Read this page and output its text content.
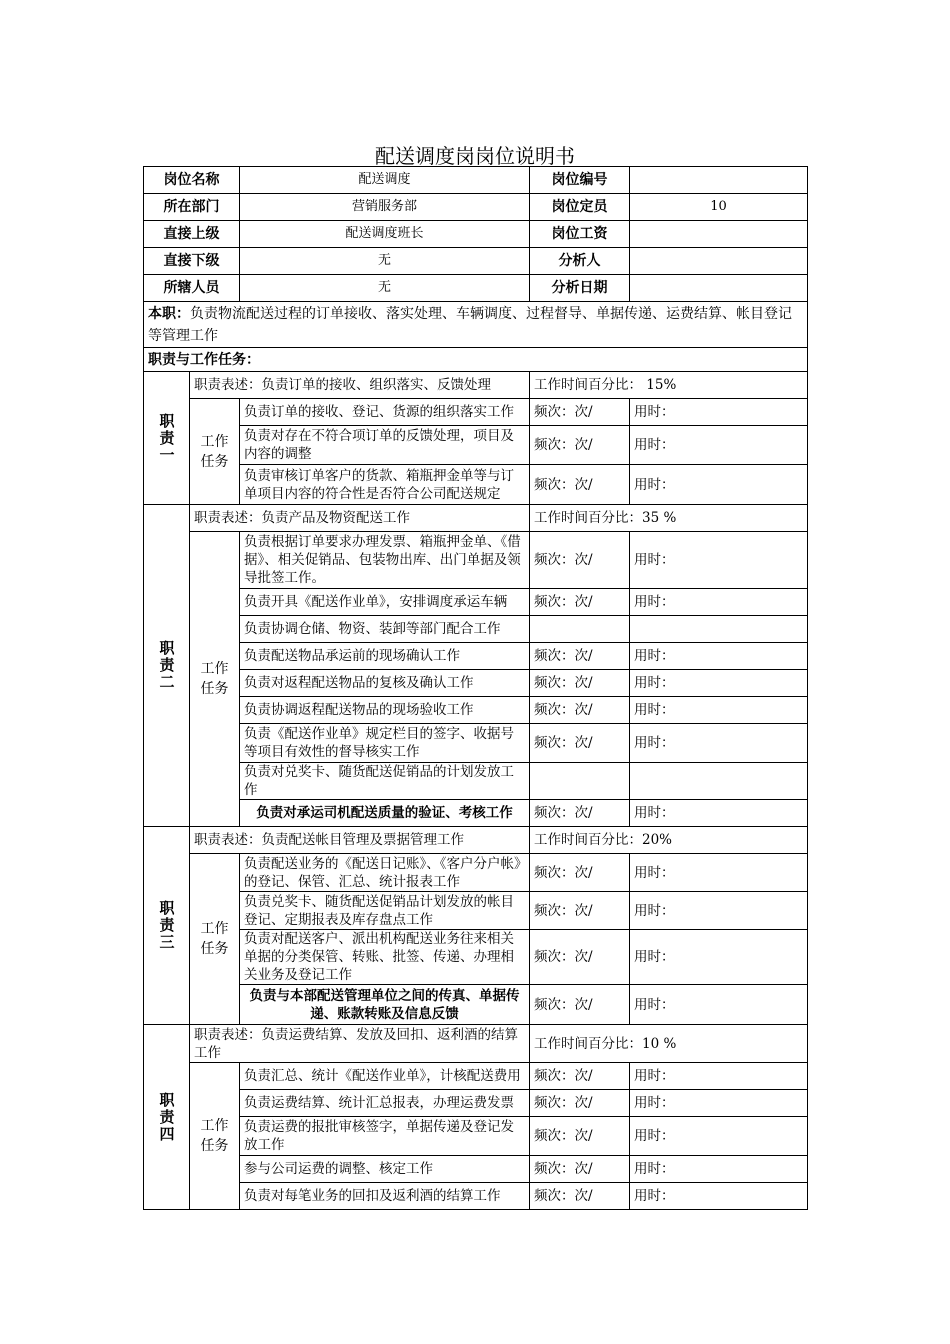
配送调度岗岗位说明书
岗位名称		配送调度	岗位编号	
所在部门		营销服务部	岗位定员	10
直接上级		配送调度班长	岗位工资	
直接下级		无	分析人	
所辖人员		无	分析日期	
本职：负责物流配送过程的订单接收、落实处理、车辆调度、过程督导、单据传递、运费结算、帐目登记等管理工作				
职责与工作任务：				
职责一	职责表述：负责订单的接收、组织落实、反馈处理		工作时间百分比： 15%	
	工作任务	负责订单的接收、登记、货源的组织落实工作	频次：次/	用时：
		负责对存在不符合项订单的反馈处理，项目及内容的调整	频次：次/	用时：
		负责审核订单客户的货款、箱瓶押金单等与订单项目内容的符合性是否符合公司配送规定	频次：次/	用时：
职责二	职责表述：负责产品及物资配送工作		工作时间百分比：35 %	
	工作任务	负责根据订单要求办理发票、箱瓶押金单、《借据》、相关促销品、包装物出库、出门单据及领导批签工作。	频次：次/	用时：
		负责开具《配送作业单》，安排调度承运车辆	频次：次/	用时：
		负责协调仓储、物资、装卸等部门配合工作		
		负责配送物品承运前的现场确认工作	频次：次/	用时：
		负责对返程配送物品的复核及确认工作	频次：次/	用时：
		负责协调返程配送物品的现场验收工作	频次：次/	用时：
		负责《配送作业单》规定栏目的签字、收据号等项目有效性的督导核实工作	频次：次/	用时：
		负责对兑奖卡、随货配送促销品的计划发放工作		
		负责对承运司机配送质量的验证、考核工作	频次：次/	用时：
职责三	职责表述：负责配送帐目管理及票据管理工作		工作时间百分比：20%	
	工作任务	负责配送业务的《配送日记账》、《客户分户帐》的登记、保管、汇总、统计报表工作	频次：次/	用时：
		负责兑奖卡、随货配送促销品计划发放的帐目登记、定期报表及库存盘点工作	频次：次/	用时：
		负责对配送客户、派出机构配送业务往来相关单据的分类保管、转账、批签、传递、办理相关业务及登记工作	频次：次/	用时：
		负责与本部配送管理单位之间的传真、单据传递、账款转账及信息反馈	频次：次/	用时：
职责四	职责表述：负责运费结算、发放及回扣、返利酒的结算工作		工作时间百分比：10 %	
	工作任务	负责汇总、统计《配送作业单》，计核配送费用	频次：次/	用时：
		负责运费结算、统计汇总报表，办理运费发票	频次：次/	用时：
		负责运费的报批审核签字，单据传递及登记发放工作	频次：次/	用时：
		参与公司运费的调整、核定工作	频次：次/	用时：
		负责对每笔业务的回扣及返利酒的结算工作	频次：次/	用时：
